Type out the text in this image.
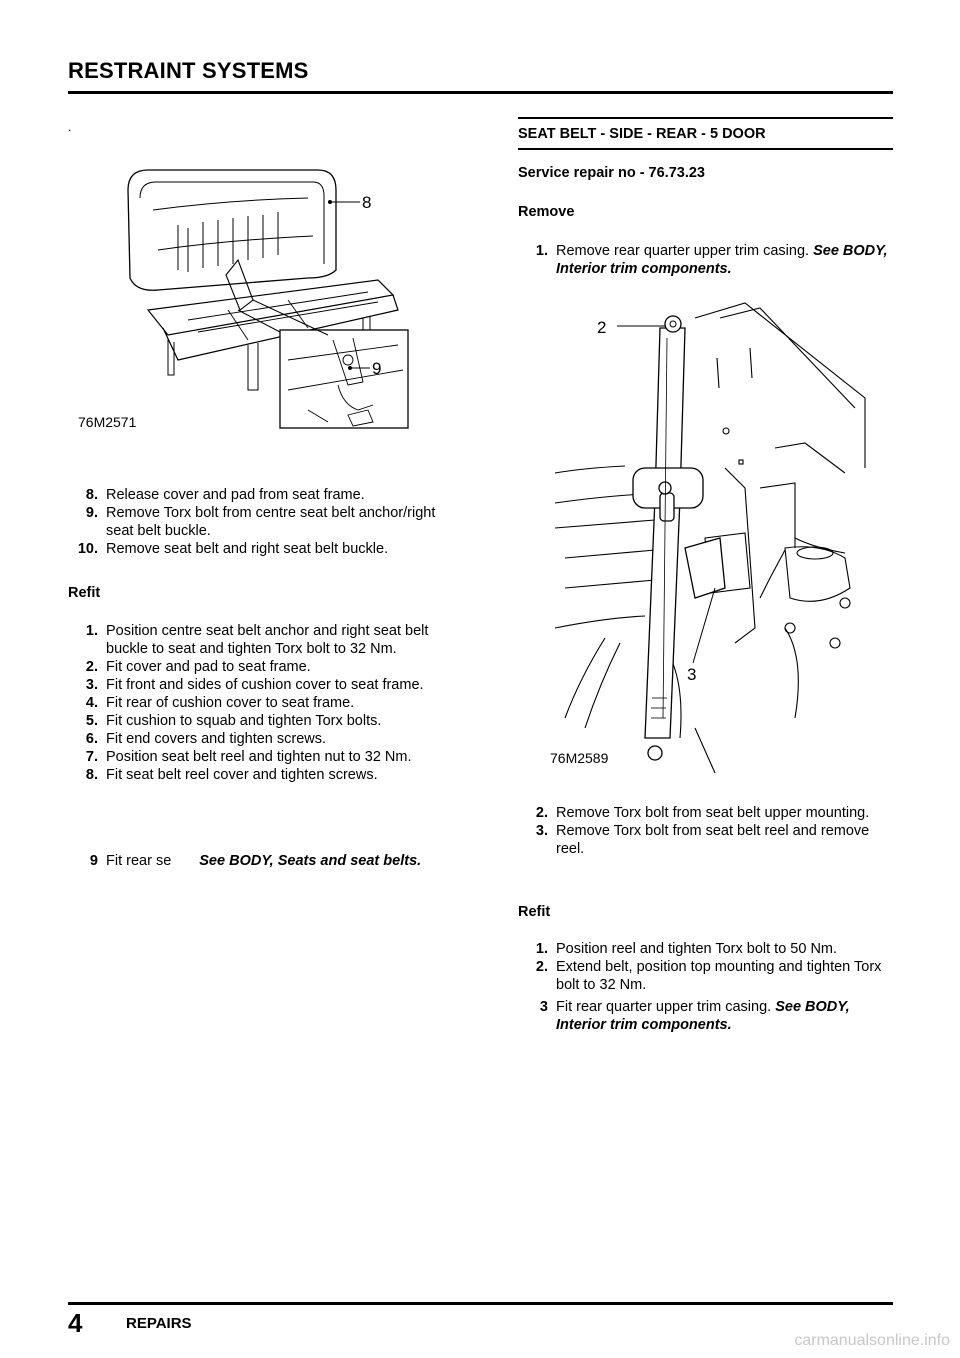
RESTRAINT SYSTEMS
.
8
9
76M2571

8. Release cover and pad from seat frame.

9. Remove Torx bolt from centre seat belt anchor/right seat belt buckle.

10. Remove seat belt and right seat belt buckle.

Refit

1. Position centre seat belt anchor and right seat belt buckle to seat and tighten Torx bolt to 32 Nm.

2. Fit cover and pad to seat frame.

3. Fit front and sides of cushion cover to seat frame.

4. Fit rear of cushion cover to seat frame.

5. Fit cushion to squab and tighten Torx bolts.

6. Fit end covers and tighten screws.

7. Position seat belt reel and tighten nut to 32 Nm.

8. Fit seat belt reel cover and tighten screws.

9 Fit rear se See BODY, Seats and seat belts.

SEAT BELT - SIDE - REAR - 5 DOOR
Service repair no - 76.73.23
Remove

1. Remove rear quarter upper trim casing. See BODY, Interior trim components.

2
3
76M2589

2. Remove Torx bolt from seat belt upper mounting.

3. Remove Torx bolt from seat belt reel and remove reel.

Refit

1. Position reel and tighten Torx bolt to 50 Nm.

2. Extend belt, position top mounting and tighten Torx bolt to 32 Nm.

3 Fit rear quarter upper trim casing. See BODY, Interior trim components.

4	REPAIRS
carmanualsonline.info
